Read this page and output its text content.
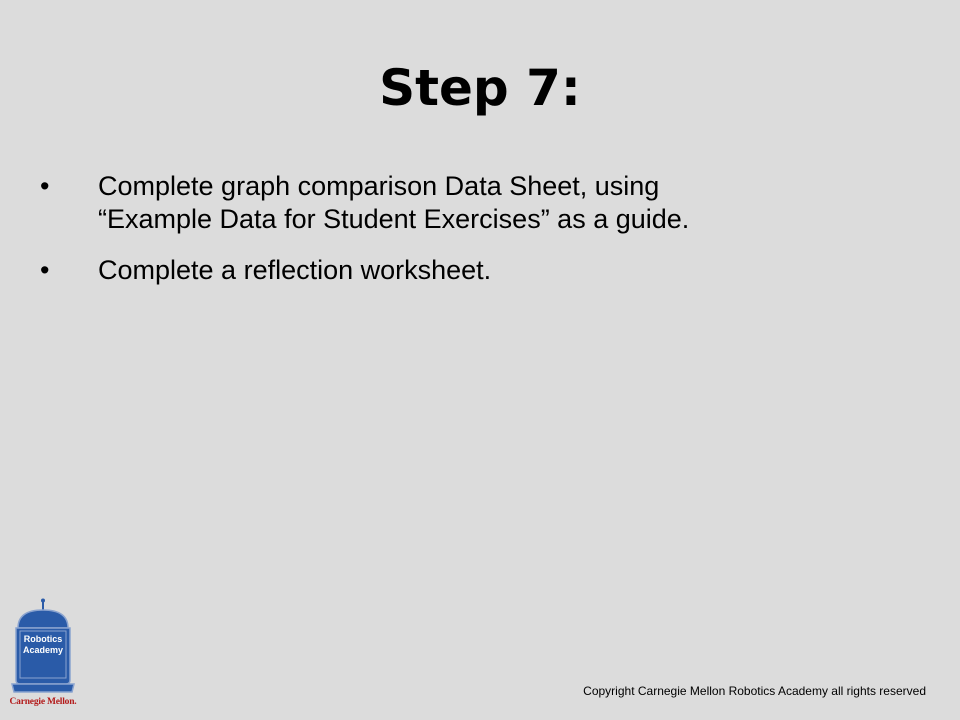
Step 7:
•	Complete graph comparison Data Sheet, using
“Example Data for Student Exercises” as a guide.
•	Complete a reflection worksheet.
Robotics
Academy
Carnegie Mellon.
Copyright Carnegie Mellon Robotics Academy all rights reserved
